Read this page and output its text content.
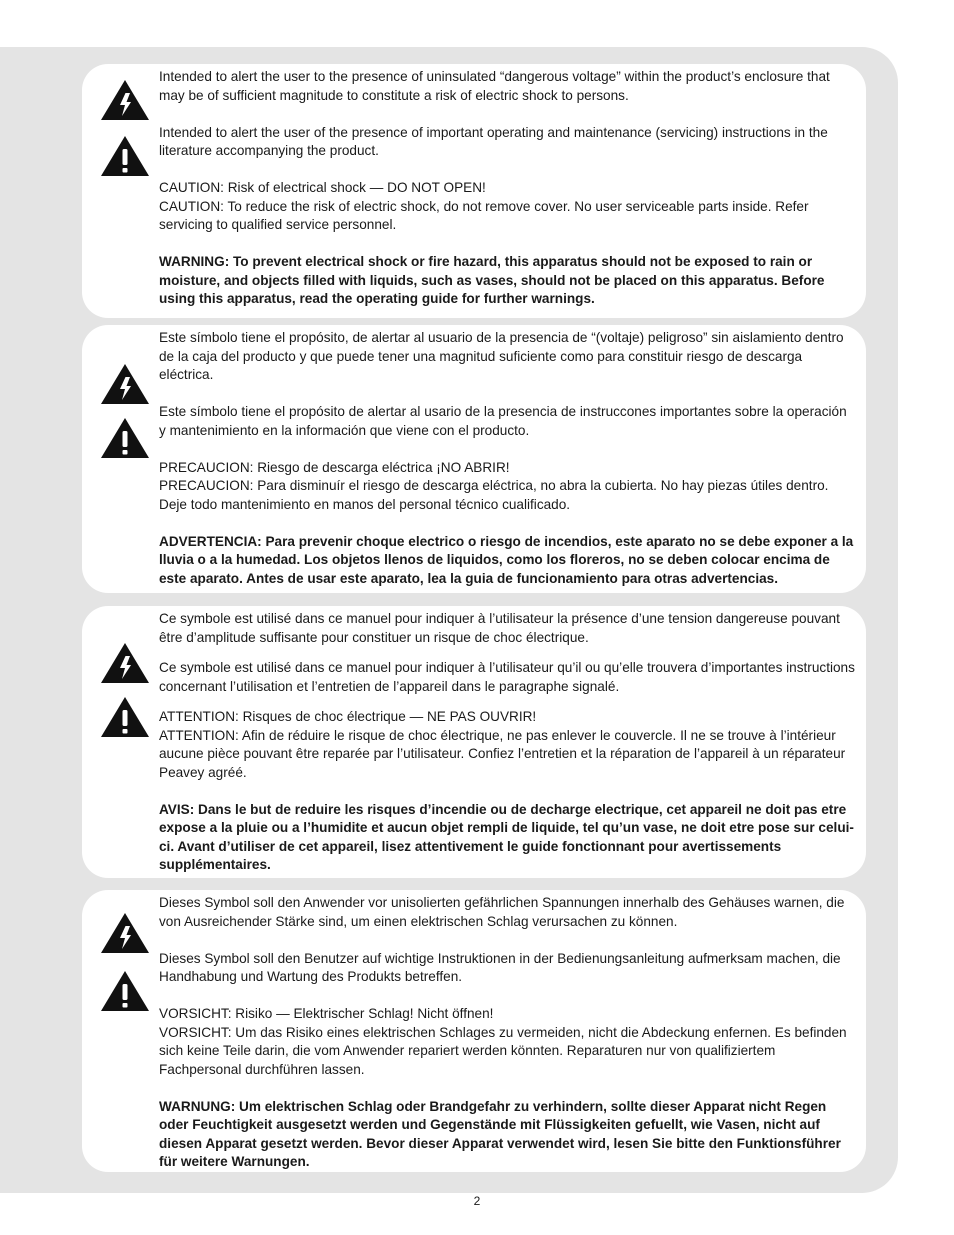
Intended to alert the user to the presence of uninsulated “dangerous voltage” within the product’s enclosure that may be of sufficient magnitude to constitute a risk of electric shock to persons.

Intended to alert the user of the presence of important operating and maintenance (servicing) instructions in the literature accompanying the product.

CAUTION: Risk of electrical shock — DO NOT OPEN!

CAUTION: To reduce the risk of electric shock, do not remove cover. No user serviceable parts inside. Refer servicing to qualified service personnel.

WARNING: To prevent electrical shock or fire hazard, this apparatus should not be exposed to rain or moisture, and objects filled with liquids, such as vases, should not be placed on this apparatus. Before using this apparatus, read the operating guide for further warnings.

Este símbolo tiene el propósito, de alertar al usuario de la presencia de “(voltaje) peligroso” sin aislamiento dentro de la caja del producto y que puede tener una magnitud suficiente como para constituir riesgo de descarga eléctrica.

Este símbolo tiene el propósito de alertar al usario de la presencia de instruccones importantes sobre la operación y mantenimiento en la información que viene con el producto.

PRECAUCION: Riesgo de descarga eléctrica ¡NO ABRIR!

PRECAUCION: Para disminuír el riesgo de descarga eléctrica, no abra la cubierta. No hay piezas útiles dentro. Deje todo mantenimiento en manos del personal técnico cualificado.

ADVERTENCIA: Para prevenir choque electrico o riesgo de incendios, este aparato no se debe exponer a la lluvia o a la humedad. Los objetos llenos de liquidos, como los floreros, no se deben colocar encima de este aparato. Antes de usar este aparato, lea la guia de funcionamiento para otras advertencias.

Ce symbole est utilisé dans ce manuel pour indiquer à l’utilisateur la présence d’une tension dangereuse pouvant être d’amplitude suffisante pour constituer un risque de choc électrique.

Ce symbole est utilisé dans ce manuel pour indiquer à l’utilisateur qu’il ou qu’elle trouvera d’importantes instructions concernant l’utilisation et l’entretien de l’appareil dans le paragraphe signalé.

ATTENTION: Risques de choc électrique — NE PAS OUVRIR!

ATTENTION: Afin de réduire le risque de choc électrique, ne pas enlever le couvercle. Il ne se trouve à l’intérieur aucune pièce pouvant être reparée par l’utilisateur. Confiez l’entretien et la réparation de l’appareil à un réparateur Peavey agréé.

AVIS: Dans le but de reduire les risques d’incendie ou de decharge electrique, cet appareil ne doit pas etre expose a la pluie ou a l’humidite et aucun objet rempli de liquide, tel qu’un vase, ne doit etre pose sur celui-ci. Avant d’utiliser de cet appareil, lisez attentivement le guide fonctionnant pour avertissements supplémentaires.

Dieses Symbol soll den Anwender vor unisolierten gefährlichen Spannungen innerhalb des Gehäuses warnen, die von Ausreichender Stärke sind, um einen elektrischen Schlag verursachen zu können.

Dieses Symbol soll den Benutzer auf wichtige Instruktionen in der Bedienungsanleitung aufmerksam machen, die Handhabung und Wartung des Produkts betreffen.

VORSICHT: Risiko — Elektrischer Schlag! Nicht öffnen!

VORSICHT: Um das Risiko eines elektrischen Schlages zu vermeiden, nicht die Abdeckung enfernen. Es befinden sich keine Teile darin, die vom Anwender repariert werden könnten. Reparaturen nur von qualifiziertem Fachpersonal durchführen lassen.

WARNUNG: Um elektrischen Schlag oder Brandgefahr zu verhindern, sollte dieser Apparat nicht Regen oder Feuchtigkeit ausgesetzt werden und Gegenstände mit Flüssigkeiten gefuellt, wie Vasen, nicht auf diesen Apparat gesetzt werden. Bevor dieser Apparat verwendet wird, lesen Sie bitte den Funktionsführer für weitere Warnungen.

2
